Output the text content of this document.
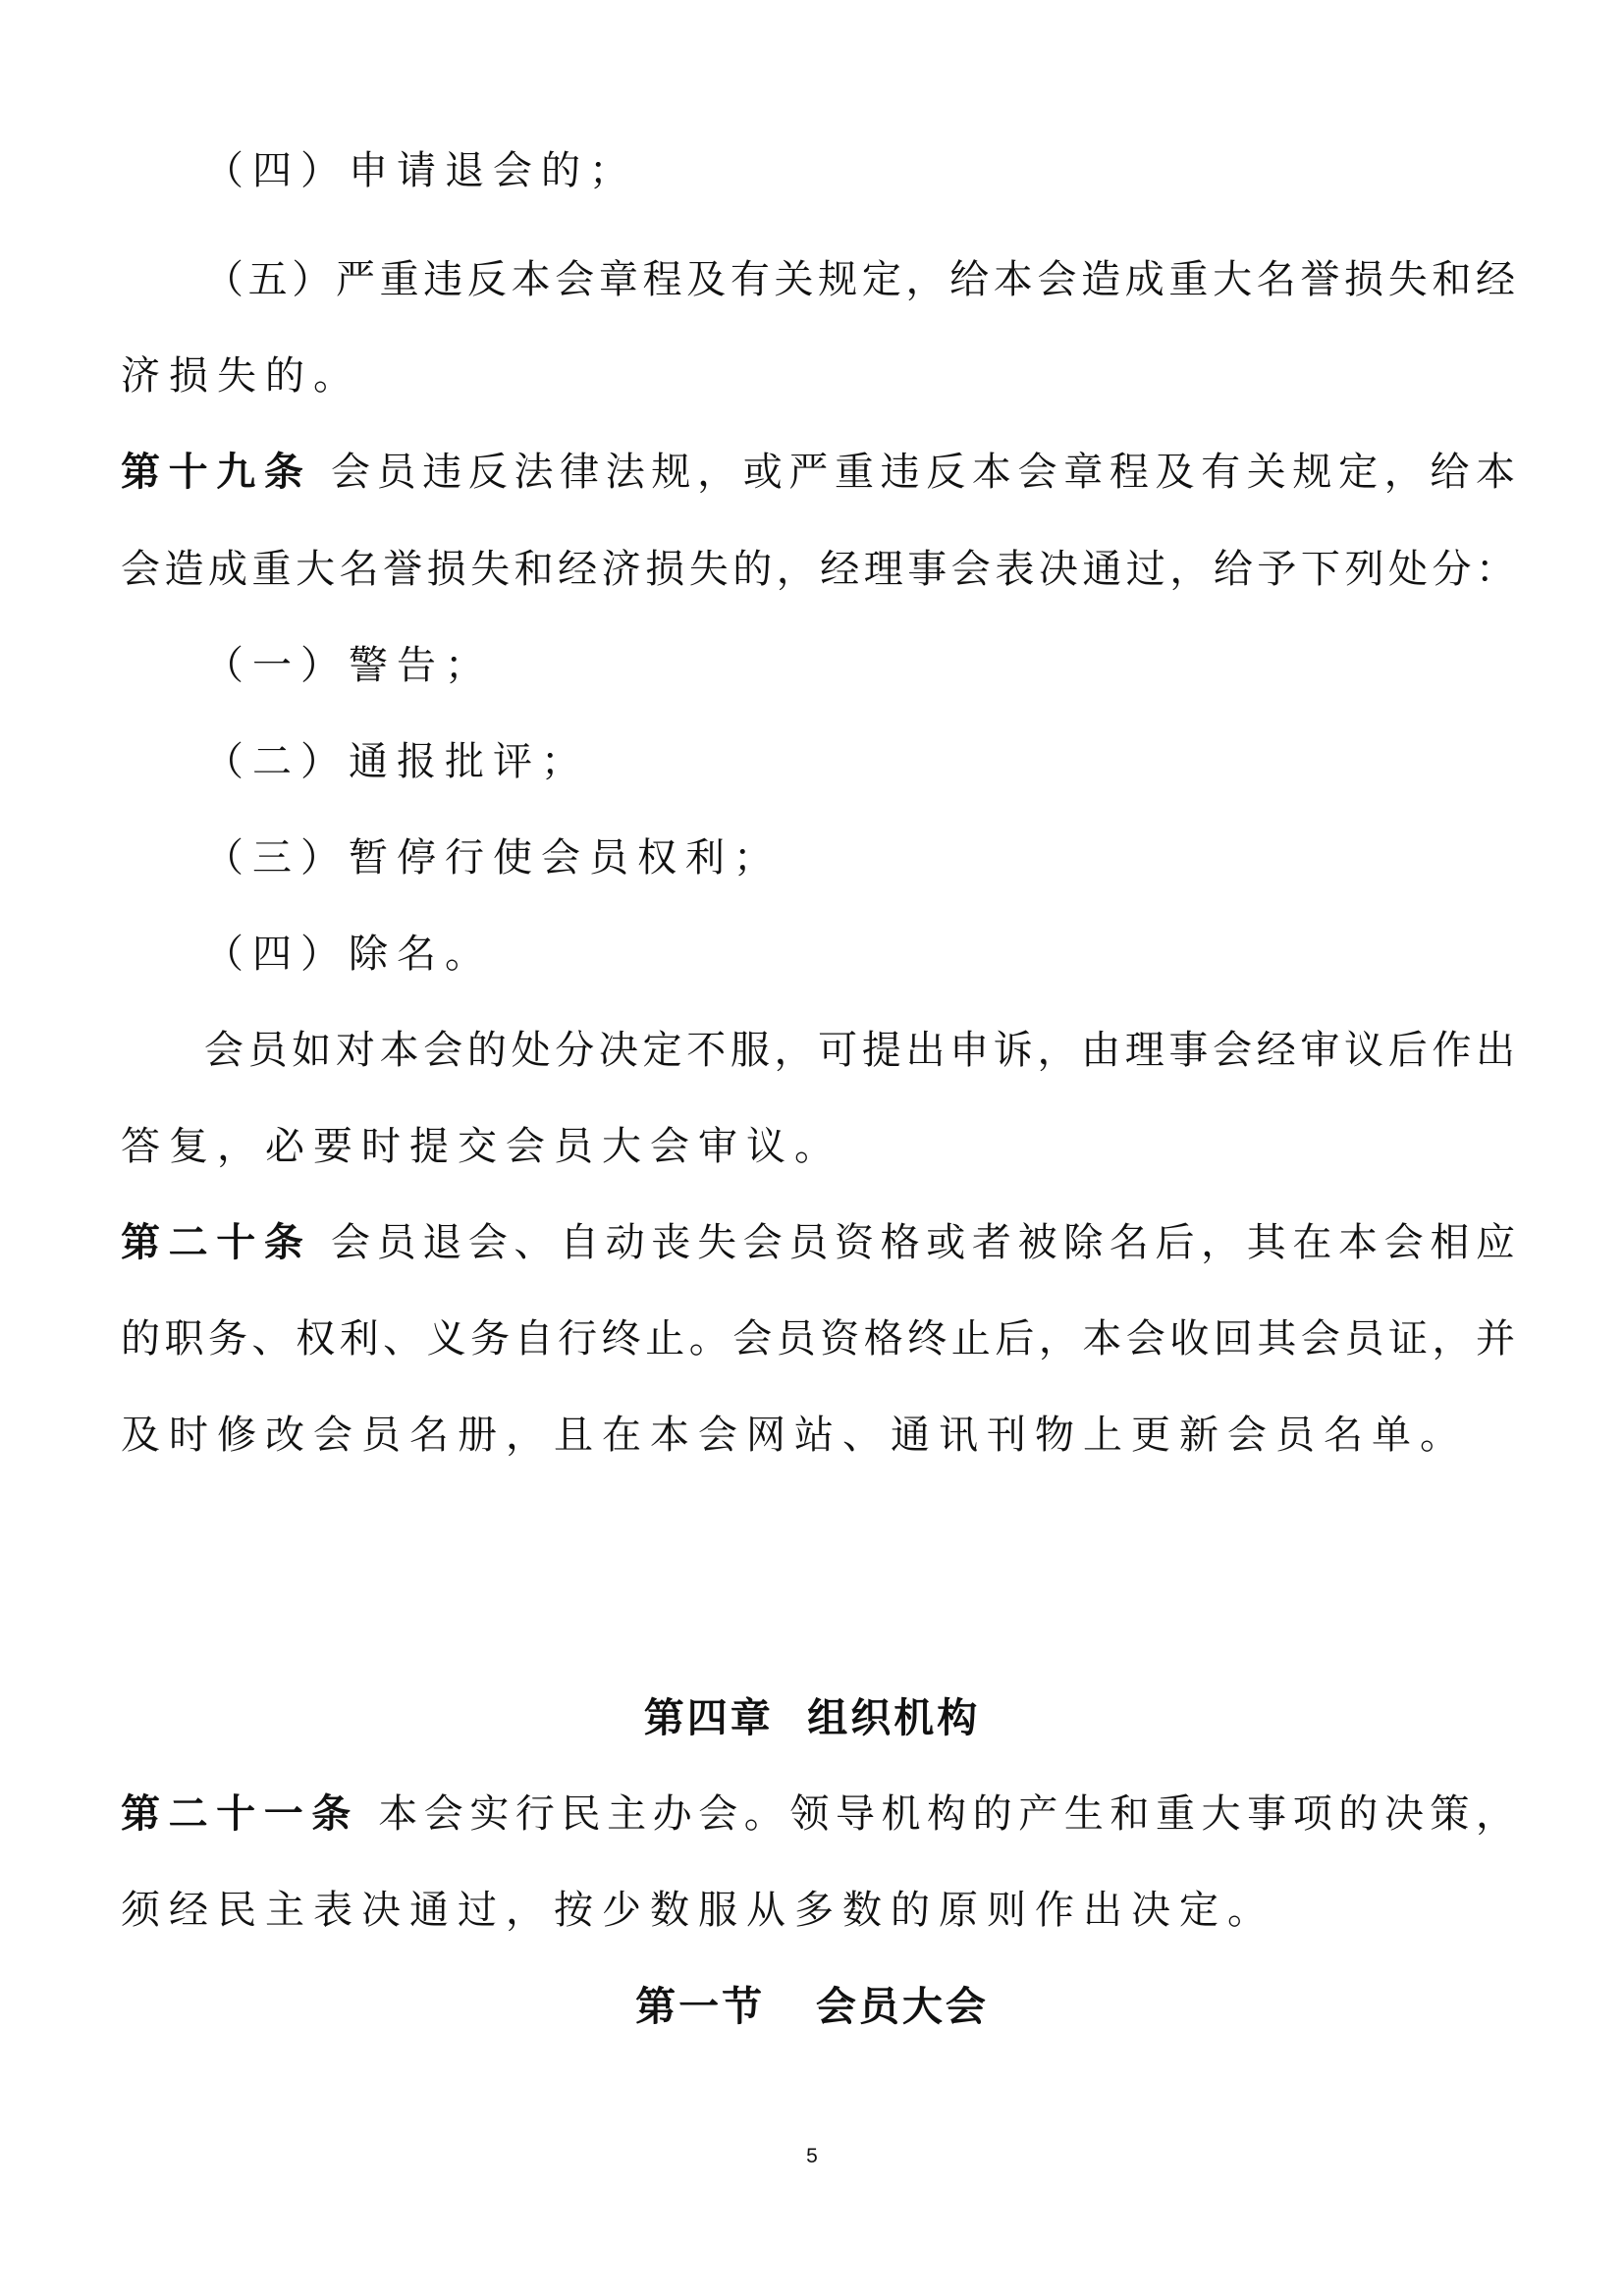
（四）申请退会的；
（五）严重违反本会章程及有关规定，给本会造成重大名誉损失和经
济损失的。
第十九条 会员违反法律法规，或严重违反本会章程及有关规定，给本
会造成重大名誉损失和经济损失的，经理事会表决通过，给予下列处分：
（一）警告；
（二）通报批评；
（三）暂停行使会员权利；
（四）除名。
会员如对本会的处分决定不服，可提出申诉，由理事会经审议后作出
答复，必要时提交会员大会审议。
第二十条 会员退会、自动丧失会员资格或者被除名后，其在本会相应
的职务、权利、义务自行终止。会员资格终止后，本会收回其会员证，并
及时修改会员名册，且在本会网站、通讯刊物上更新会员名单。
第四章  组织机构
第二十一条 本会实行民主办会。领导机构的产生和重大事项的决策，
须经民主表决通过，按少数服从多数的原则作出决定。
第一节   会员大会
5
